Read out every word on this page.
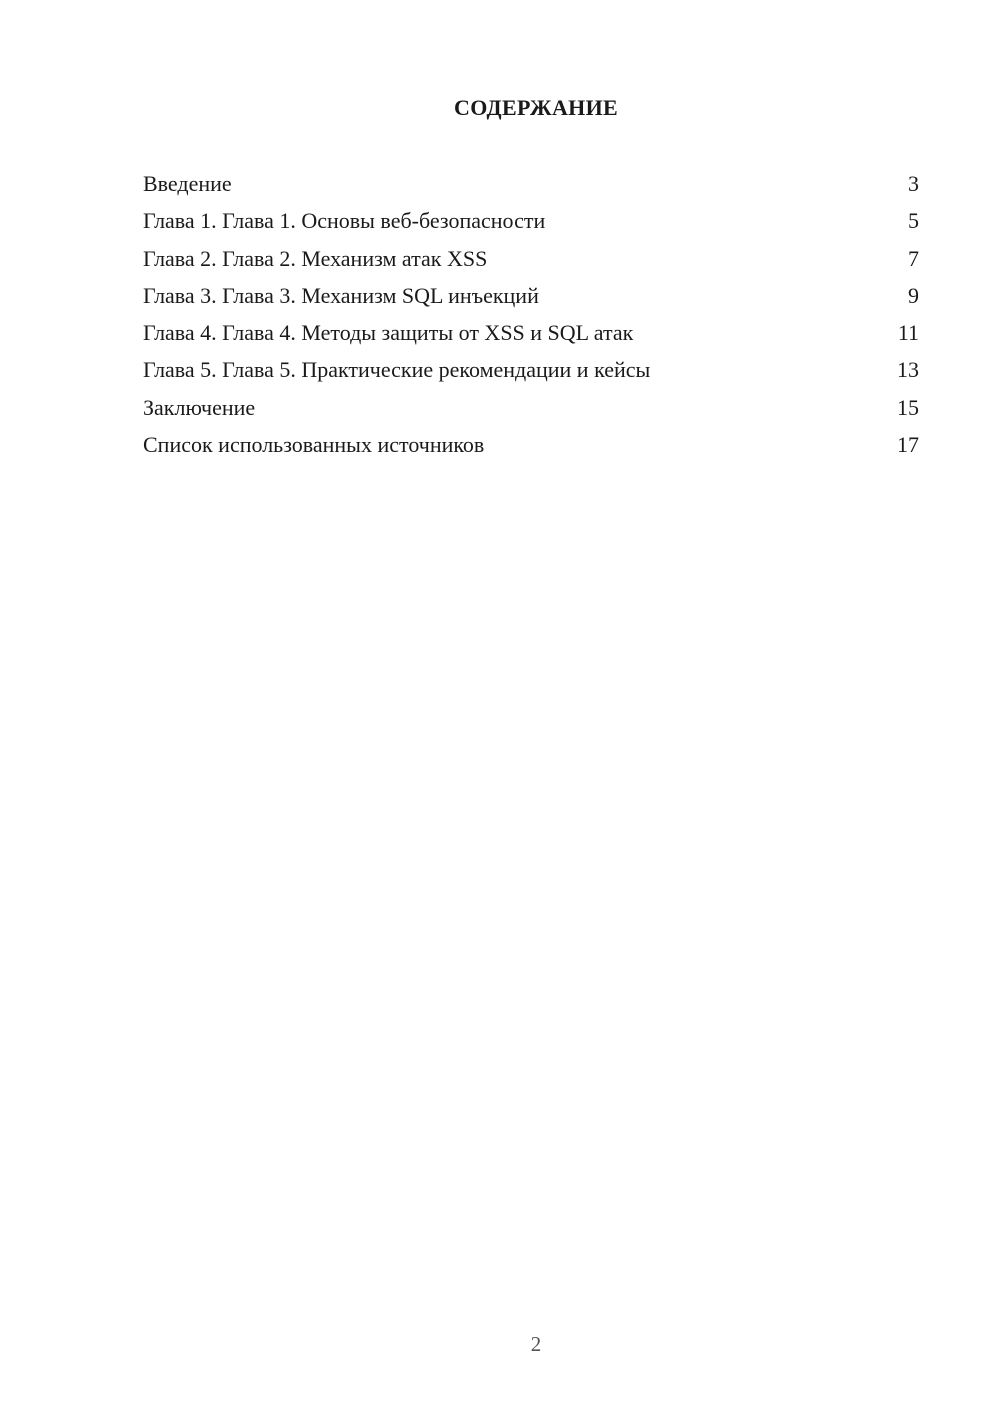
СОДЕРЖАНИЕ
Введение	3
Глава 1. Глава 1. Основы веб-безопасности	5
Глава 2. Глава 2. Механизм атак XSS	7
Глава 3. Глава 3. Механизм SQL инъекций	9
Глава 4. Глава 4. Методы защиты от XSS и SQL атак	11
Глава 5. Глава 5. Практические рекомендации и кейсы	13
Заключение	15
Список использованных источников	17
2
